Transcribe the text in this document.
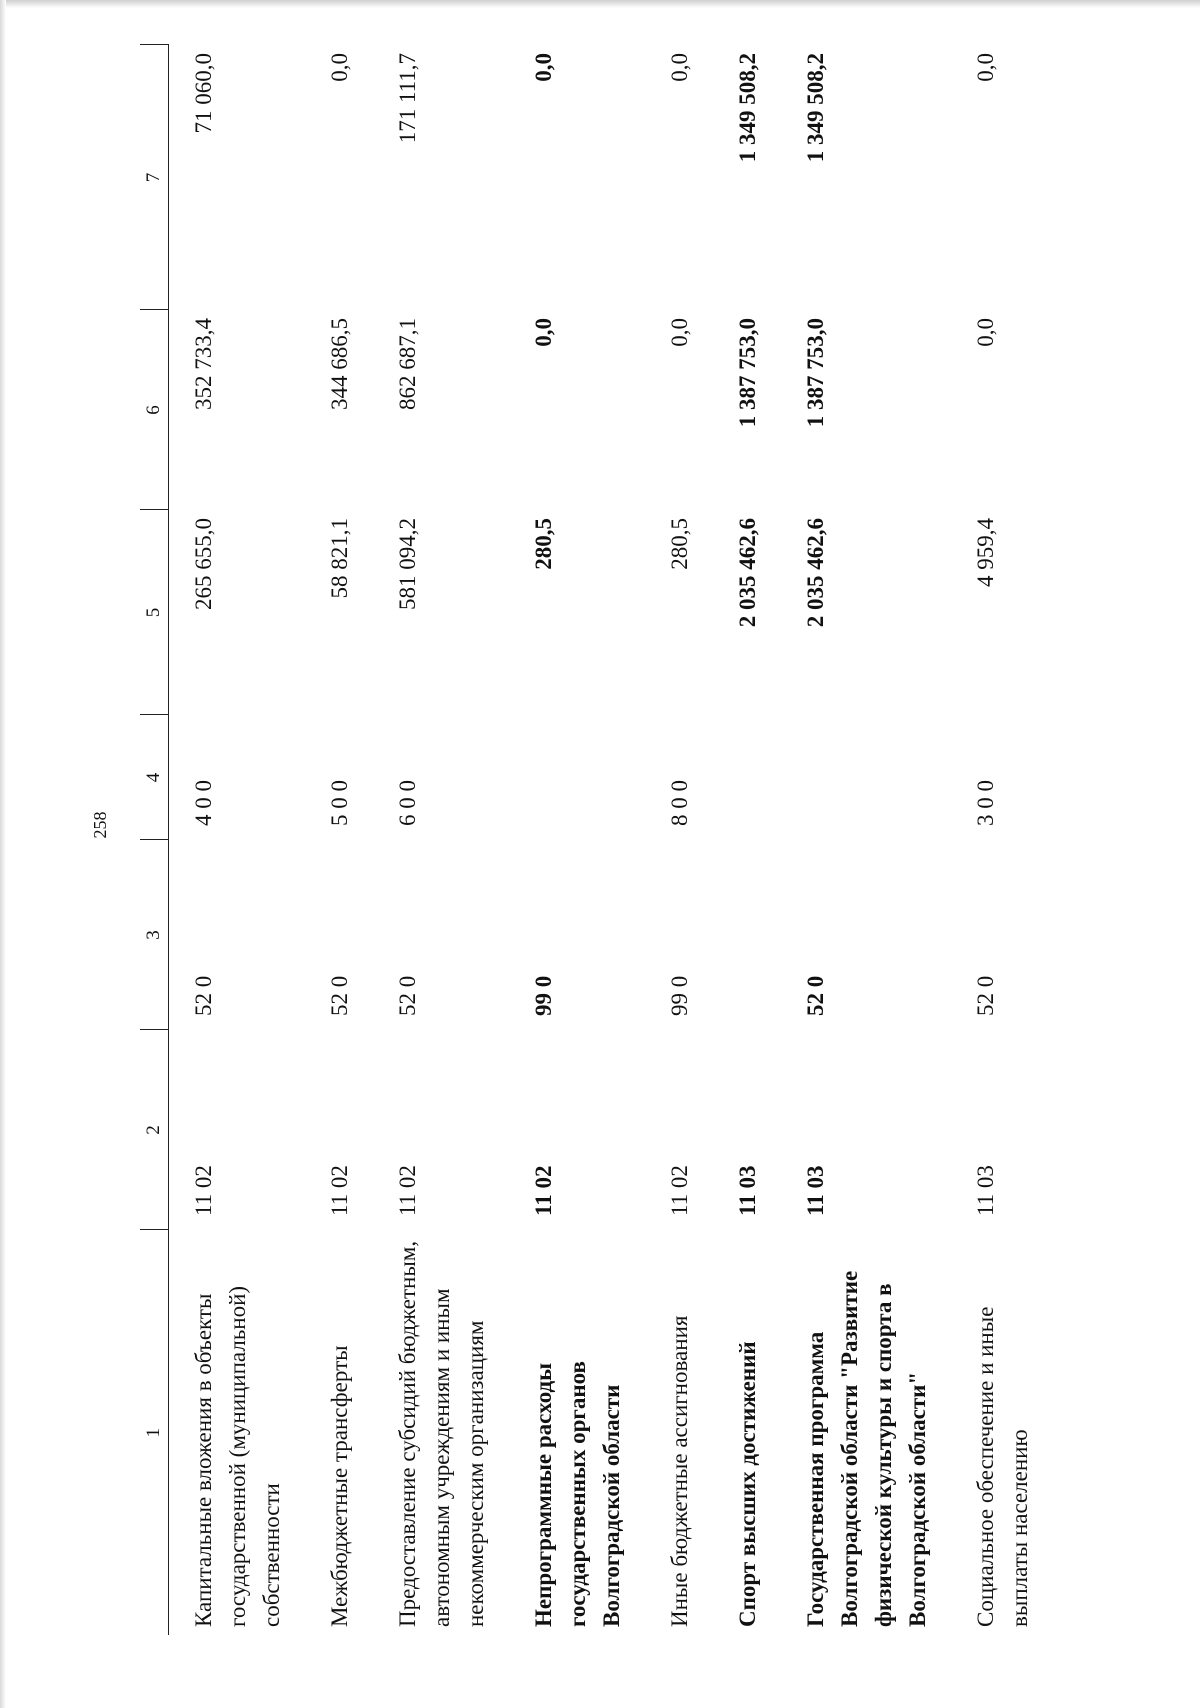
258
1	2	3	4	5	6	7
Капитальные вложения в объекты государственной (муниципальной) собственности	11 02	52 0	4 0 0	265 655,0	352 733,4	71 060,0
Межбюджетные трансферты	11 02	52 0	5 0 0	58 821,1	344 686,5	0,0
Предоставление субсидий бюджетным, автономным учреждениям и иным некоммерческим организациям	11 02	52 0	6 0 0	581 094,2	862 687,1	171 111,7
Непрограммные расходы государственных органов Волгоградской области	11 02	99 0		280,5	0,0	0,0
Иные бюджетные ассигнования	11 02	99 0	8 0 0	280,5	0,0	0,0
Спорт высших достижений	11 03			2 035 462,6	1 387 753,0	1 349 508,2
Государственная программа Волгоградской области "Развитие физической культуры и спорта в Волгоградской области"	11 03	52 0		2 035 462,6	1 387 753,0	1 349 508,2
Социальное обеспечение и иные выплаты населению	11 03	52 0	3 0 0	4 959,4	0,0	0,0
